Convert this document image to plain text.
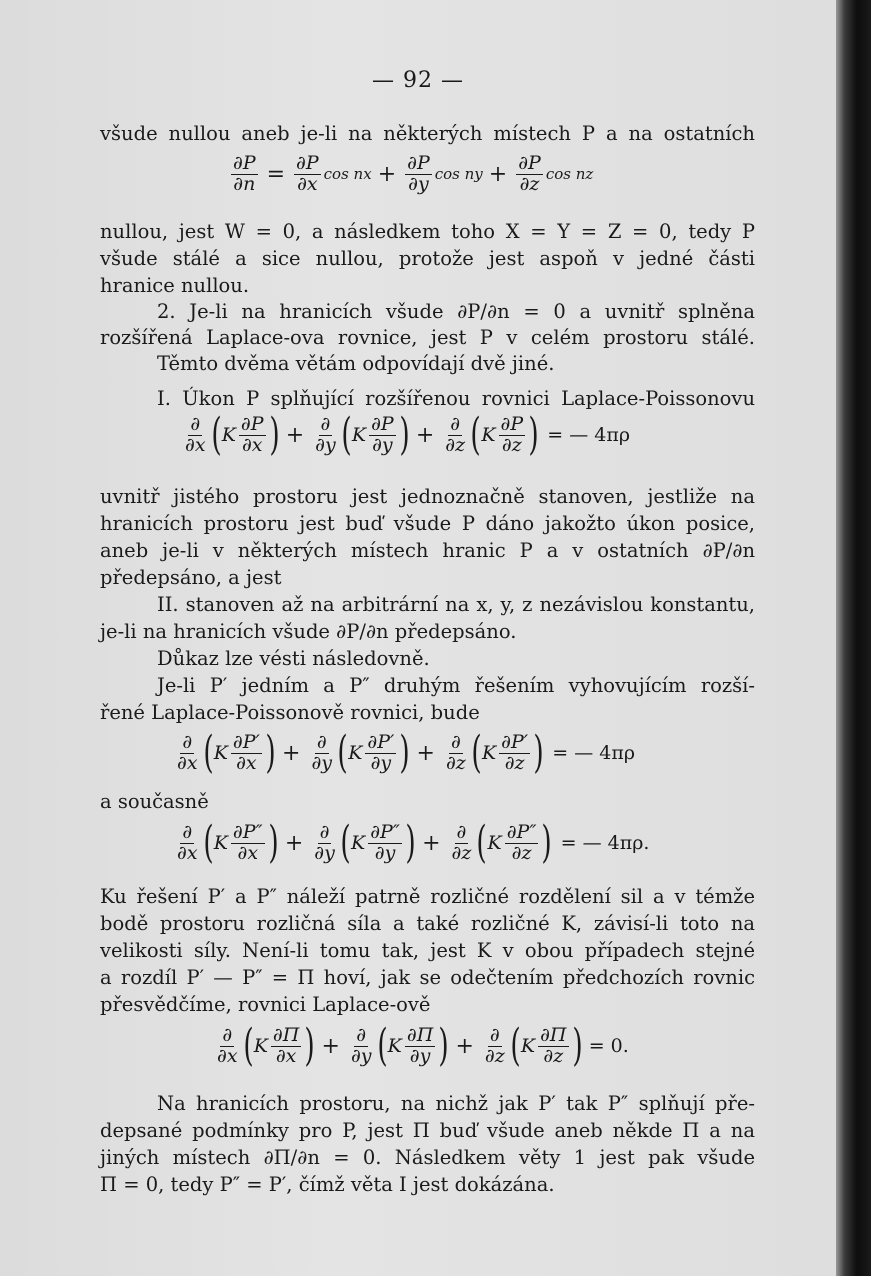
— 92 —
všude nullou aneb je-li na některých místech P a na ostatních
$\frac{\partial P}{\partial n} = \frac{\partial P}{\partial x}$ cos nx + $\frac{\partial P}{\partial y}$ cos ny + $\frac{\partial P}{\partial z}$ cos nz
nullou, jest W = 0, a následkem toho X = Y = Z = 0, tedy P
všude stálé a sice nullou, protože jest aspoň v jedné části
hranice nullou.
2. Je-li na hranicích všude ∂P/∂n = 0 a uvnitř splněna
rozšířená Laplace-ova rovnice, jest P v celém prostoru stálé.
Těmto dvěma větám odpovídají dvě jiné.
I. Úkon P splňující rozšířenou rovnici Laplace-Poissonovu
$\frac{\partial}{\partial x}$ ( K $\frac{\partial P}{\partial x}$ ) + $\frac{\partial}{\partial y}$ ( K $\frac{\partial P}{\partial y}$ ) + $\frac{\partial}{\partial z}$ ( K $\frac{\partial P}{\partial z}$ ) = — 4πρ
uvnitř jistého prostoru jest jednoznačně stanoven, jestliže na
hranicích prostoru jest buď všude P dáno jakožto úkon posice,
aneb je-li v některých místech hranic P a v ostatních ∂P/∂n
předepsáno, a jest
II. stanoven až na arbitrární na x, y, z nezávislou konstantu,
je-li na hranicích všude ∂P/∂n předepsáno.
Důkaz lze vésti následovně.
Je-li P′ jedním a P″ druhým řešením vyhovujícím rozší-
řené Laplace-Poissonově rovnici, bude
$\frac{\partial}{\partial x}$ ( K $\frac{\partial P'}{\partial x}$ ) + $\frac{\partial}{\partial y}$ ( K $\frac{\partial P'}{\partial y}$ ) + $\frac{\partial}{\partial z}$ ( K $\frac{\partial P'}{\partial z}$ ) = — 4πρ
a současně
$\frac{\partial}{\partial x}$ ( K $\frac{\partial P''}{\partial x}$ ) + $\frac{\partial}{\partial y}$ ( K $\frac{\partial P''}{\partial y}$ ) + $\frac{\partial}{\partial z}$ ( K $\frac{\partial P''}{\partial z}$ ) = — 4πρ.
Ku řešení P′ a P″ náleží patrně rozličné rozdělení sil a v témže
bodě prostoru rozličná síla a také rozličné K, závisí-li toto na
velikosti síly. Není-li tomu tak, jest K v obou případech stejné
a rozdíl P′ — P″ = Π hoví, jak se odečtením předchozích rovnic
přesvědčíme, rovnici Laplace-ově
$\frac{\partial}{\partial x}$ ( K $\frac{\partial\Pi}{\partial x}$ ) + $\frac{\partial}{\partial y}$ ( K $\frac{\partial\Pi}{\partial y}$ ) + $\frac{\partial}{\partial z}$ ( K $\frac{\partial\Pi}{\partial z}$ ) = 0.
Na hranicích prostoru, na nichž jak P′ tak P″ splňují pře-
depsané podmínky pro P, jest Π buď všude aneb někde Π a na
jiných místech ∂Π/∂n = 0. Následkem věty 1 jest pak všude
Π = 0, tedy P″ = P′, čímž věta I jest dokázána.
